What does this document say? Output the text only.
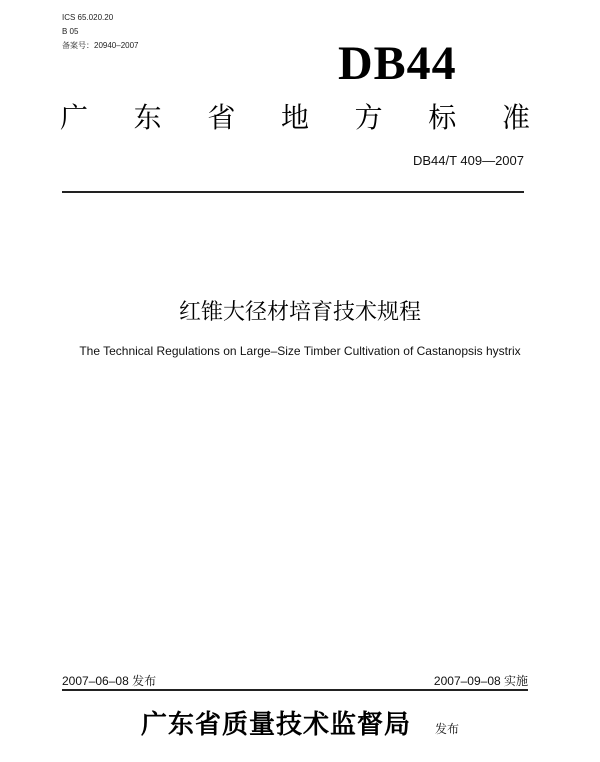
ICS 65.020.20
B 05
备案号：20940–2007	DB44
广 东 省 地 方 标 准
DB44/T 409—2007
红锥大径材培育技术规程
The Technical Regulations on Large–Size Timber Cultivation of Castanopsis hystrix
2007–06–08 发布	2007–09–08 实施
广东省质量技术监督局 发布
